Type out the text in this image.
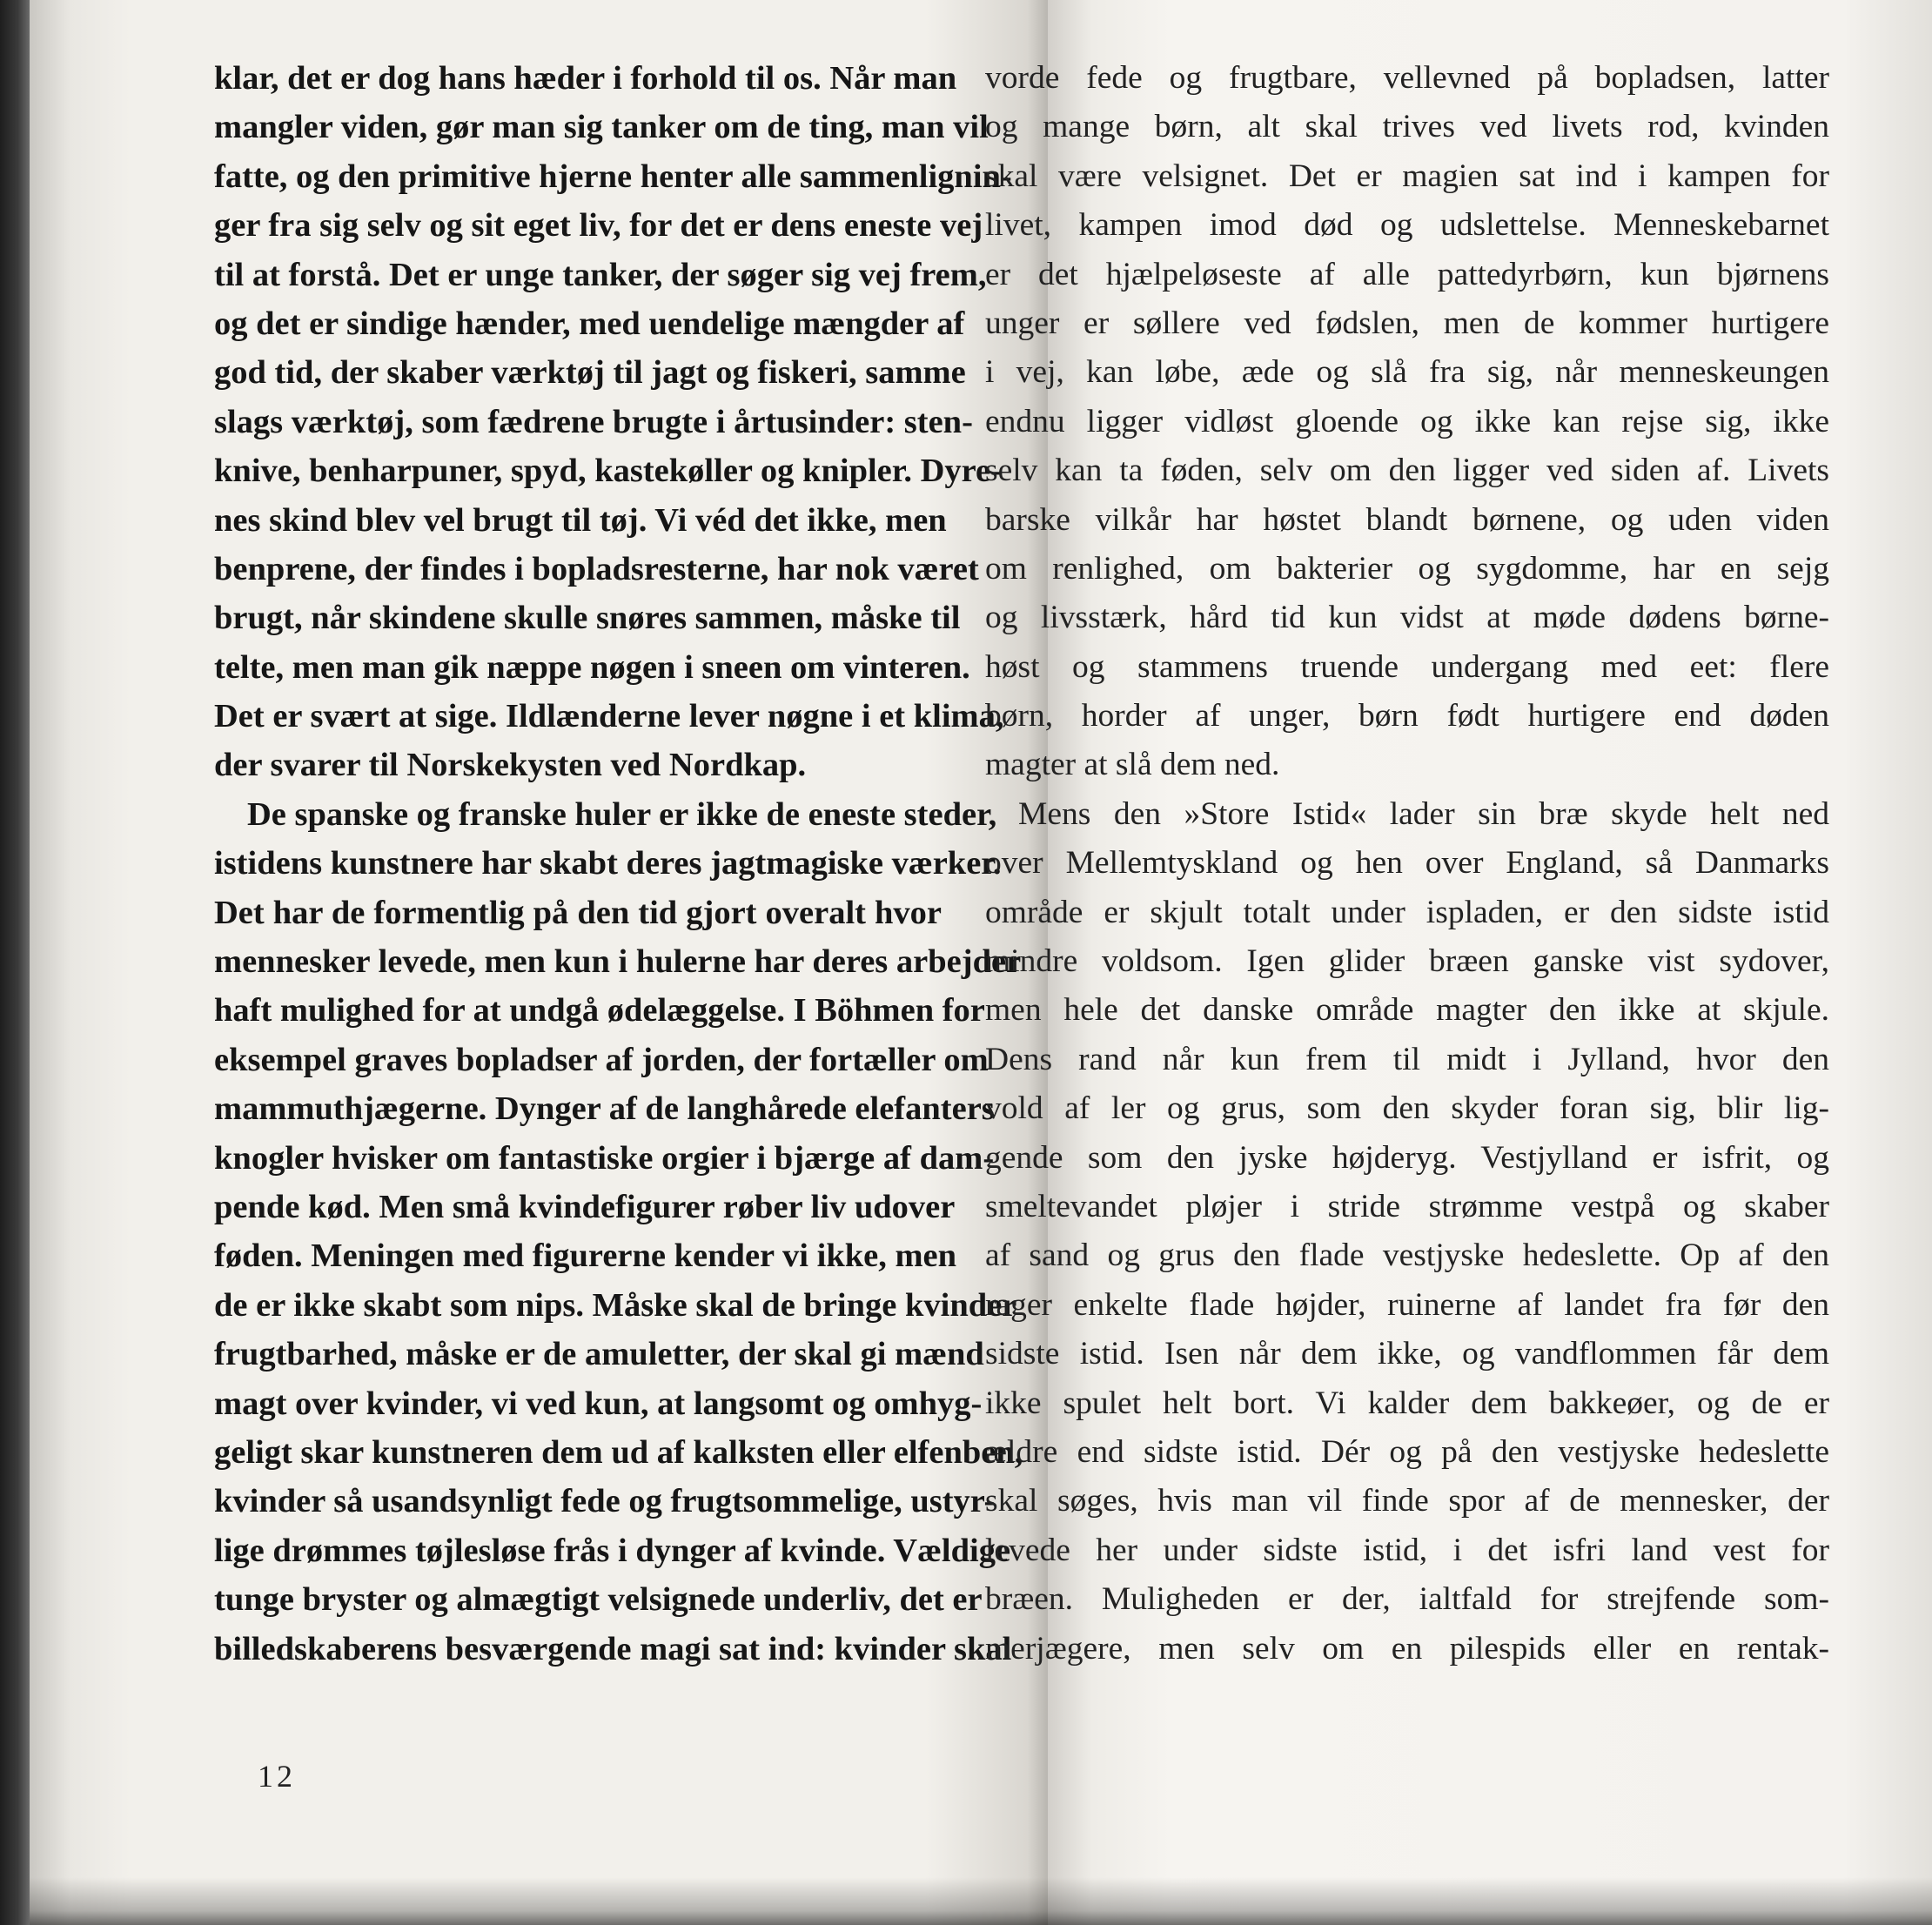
klar, det er dog hans hæder i forhold til os. Når man
mangler viden, gør man sig tanker om de ting, man vil
fatte, og den primitive hjerne henter alle sammenlignin-
ger fra sig selv og sit eget liv, for det er dens eneste vej
til at forstå. Det er unge tanker, der søger sig vej frem,
og det er sindige hænder, med uendelige mængder af
god tid, der skaber værktøj til jagt og fiskeri, samme
slags værktøj, som fædrene brugte i årtusinder: sten-
knive, benharpuner, spyd, kastekøller og knipler. Dyre-
nes skind blev vel brugt til tøj. Vi véd det ikke, men
benprene, der findes i bopladsresterne, har nok været
brugt, når skindene skulle snøres sammen, måske til
telte, men man gik næppe nøgen i sneen om vinteren.
Det er svært at sige. Ildlænderne lever nøgne i et klima,
der svarer til Norskekysten ved Nordkap.
De spanske og franske huler er ikke de eneste steder,
istidens kunstnere har skabt deres jagtmagiske værker.
Det har de formentlig på den tid gjort overalt hvor
mennesker levede, men kun i hulerne har deres arbejder
haft mulighed for at undgå ødelæggelse. I Böhmen for
eksempel graves bopladser af jorden, der fortæller om
mammuthjægerne. Dynger af de langhårede elefanters
knogler hvisker om fantastiske orgier i bjærge af dam-
pende kød. Men små kvindefigurer røber liv udover
føden. Meningen med figurerne kender vi ikke, men
de er ikke skabt som nips. Måske skal de bringe kvinder
frugtbarhed, måske er de amuletter, der skal gi mænd
magt over kvinder, vi ved kun, at langsomt og omhyg-
geligt skar kunstneren dem ud af kalksten eller elfenben,
kvinder så usandsynligt fede og frugtsommelige, ustyr-
lige drømmes tøjlesløse frås i dynger af kvinde. Vældige
tunge bryster og almægtigt velsignede underliv, det er
billedskaberens besværgende magi sat ind: kvinder skal
vorde fede og frugtbare, vellevned på bopladsen, latter
og mange børn, alt skal trives ved livets rod, kvinden
skal være velsignet. Det er magien sat ind i kampen for
livet, kampen imod død og udslettelse. Menneskebarnet
er det hjælpeløseste af alle pattedyrbørn, kun bjørnens
unger er søllere ved fødslen, men de kommer hurtigere
i vej, kan løbe, æde og slå fra sig, når menneskeungen
endnu ligger vidløst gloende og ikke kan rejse sig, ikke
selv kan ta føden, selv om den ligger ved siden af. Livets
barske vilkår har høstet blandt børnene, og uden viden
om renlighed, om bakterier og sygdomme, har en sejg
og livsstærk, hård tid kun vidst at møde dødens børne-
høst og stammens truende undergang med eet: flere
børn, horder af unger, børn født hurtigere end døden
magter at slå dem ned.
Mens den »Store Istid« lader sin bræ skyde helt ned
over Mellemtyskland og hen over England, så Danmarks
område er skjult totalt under ispladen, er den sidste istid
mindre voldsom. Igen glider bræen ganske vist sydover,
men hele det danske område magter den ikke at skjule.
Dens rand når kun frem til midt i Jylland, hvor den
vold af ler og grus, som den skyder foran sig, blir lig-
gende som den jyske højderyg. Vestjylland er isfrit, og
smeltevandet pløjer i stride strømme vestpå og skaber
af sand og grus den flade vestjyske hedeslette. Op af den
rager enkelte flade højder, ruinerne af landet fra før den
sidste istid. Isen når dem ikke, og vandflommen får dem
ikke spulet helt bort. Vi kalder dem bakkeøer, og de er
ældre end sidste istid. Dér og på den vestjyske hedeslette
skal søges, hvis man vil finde spor af de mennesker, der
levede her under sidste istid, i det isfri land vest for
bræen. Muligheden er der, ialtfald for strejfende som-
merjægere, men selv om en pilespids eller en rentak-
12
